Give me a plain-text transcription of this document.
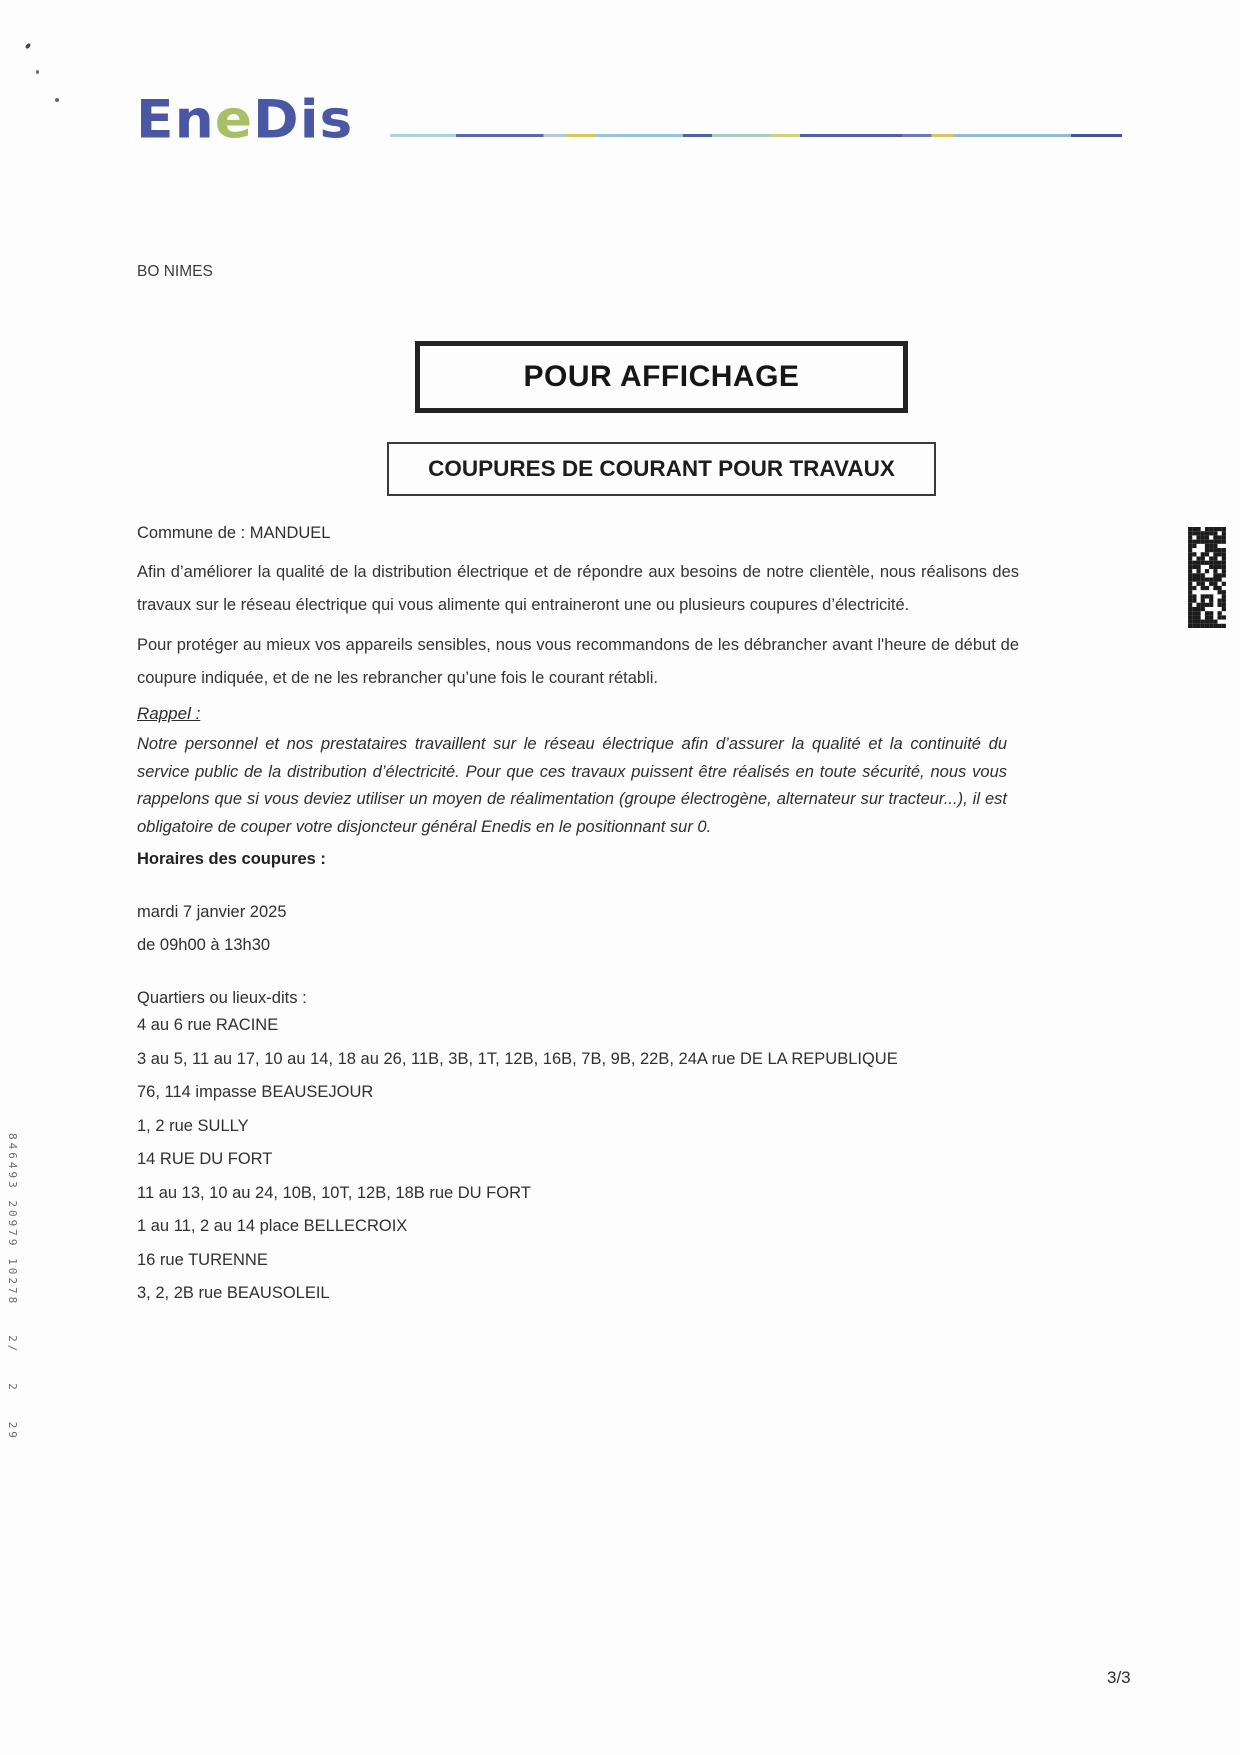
EneDis
BO NIMES
POUR AFFICHAGE
COUPURES DE COURANT POUR TRAVAUX
Commune de : MANDUEL

Afin d’améliorer la qualité de la distribution électrique et de répondre aux besoins de notre clientèle, nous réalisons des travaux sur le réseau électrique qui vous alimente qui entraineront une ou plusieurs coupures d’électricité.

Pour protéger au mieux vos appareils sensibles, nous vous recommandons de les débrancher avant l'heure de début de coupure indiquée, et de ne les rebrancher qu’une fois le courant rétabli.

Rappel :

Notre personnel et nos prestataires travaillent sur le réseau électrique afin d’assurer la qualité et la continuité du service public de la distribution d’électricité. Pour que ces travaux puissent être réalisés en toute sécurité, nous vous rappelons que si vous deviez utiliser un moyen de réalimentation (groupe électrogène, alternateur sur tracteur...), il est obligatoire de couper votre disjoncteur général Enedis en le positionnant sur 0.

Horaires des coupures :
mardi 7 janvier 2025
de 09h00 à 13h30
Quartiers ou lieux-dits :
4 au 6 rue RACINE
3 au 5, 11 au 17, 10 au 14, 18 au 26, 11B, 3B, 1T, 12B, 16B, 7B, 9B, 22B, 24A rue DE LA REPUBLIQUE
76, 114 impasse BEAUSEJOUR
1, 2 rue SULLY
14 RUE DU FORT
11 au 13, 10 au 24, 10B, 10T, 12B, 18B rue DU FORT
1 au 11, 2 au 14 place BELLECROIX
16 rue TURENNE
3, 2, 2B rue BEAUSOLEIL
846493 20979 10278   2/   2   29
3/3
